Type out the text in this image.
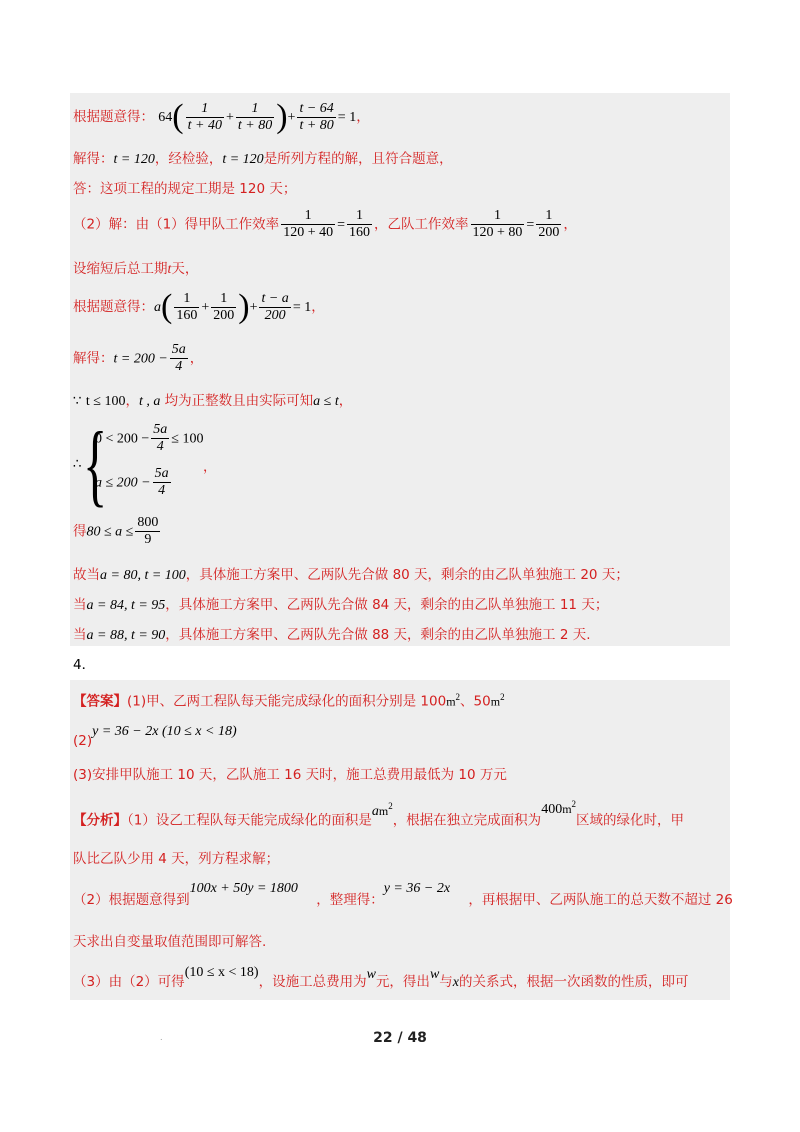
根据题意得： $64( \frac{1}{t + 40} + \frac{1}{t + 80}$ )+ $\frac{t - 64}{t + 80} = 1$，
解得：t = 120，经检验，t = 120是所列方程的解，且符合题意，
答：这项工程的规定工期是 120 天；
（2）解：由（1）得甲队工作效率 $\frac{1}{120 + 40} = \frac{1}{160}$ ，乙队工作效率 $\frac{1}{120 + 80} = \frac{1}{200}$ ，
设缩短后总工期t天，
根据题意得：$a( \frac{1}{160} + \frac{1}{200}$ )+ $\frac{t - a}{200} = 1$，
解得：$t = 200 - \frac{5a}{4}$ ，
∵ t ≤ 100，t , a 均为正整数且由实际可知a ≤ t，
{
∴
$0 < 200 - \frac{5a}{4} \le 100$
$a \le 200 - \frac{5a}{4}$ ，
得$80 \le a \le \frac{800}{9}$
故当a = 80, t = 100，具体施工方案甲、乙两队先合做 80 天，剩余的由乙队单独施工 20 天；
当a = 84, t = 95，具体施工方案甲、乙两队先合做 84 天，剩余的由乙队单独施工 11 天；
当a = 88, t = 90，具体施工方案甲、乙两队先合做 88 天，剩余的由乙队单独施工 2 天.
4．
【答案】(1)甲、乙两工程队每天能完成绿化的面积分别是 $100m^2$、$50m^2$
(2)y = 36 − 2x (10 ≤ x < 18)
(3)安排甲队施工 10 天，乙队施工 16 天时，施工总费用最低为 10 万元
【分析】（1）设乙工程队每天能完成绿化的面积是$am^2$，根据在独立完成面积为$400m^2$区域的绿化时，甲
队比乙队少用 4 天，列方程求解；
（2）根据题意得到100x + 50y = 1800 ，整理得：y = 36 − 2x ，再根据甲、乙两队施工的总天数不超过 26
天求出自变量取值范围即可解答.
（3）由（2）可得(10 ≤ x < 18)，设施工总费用为w元，得出w与x的关系式，根据一次函数的性质，即可
.	22 / 48
